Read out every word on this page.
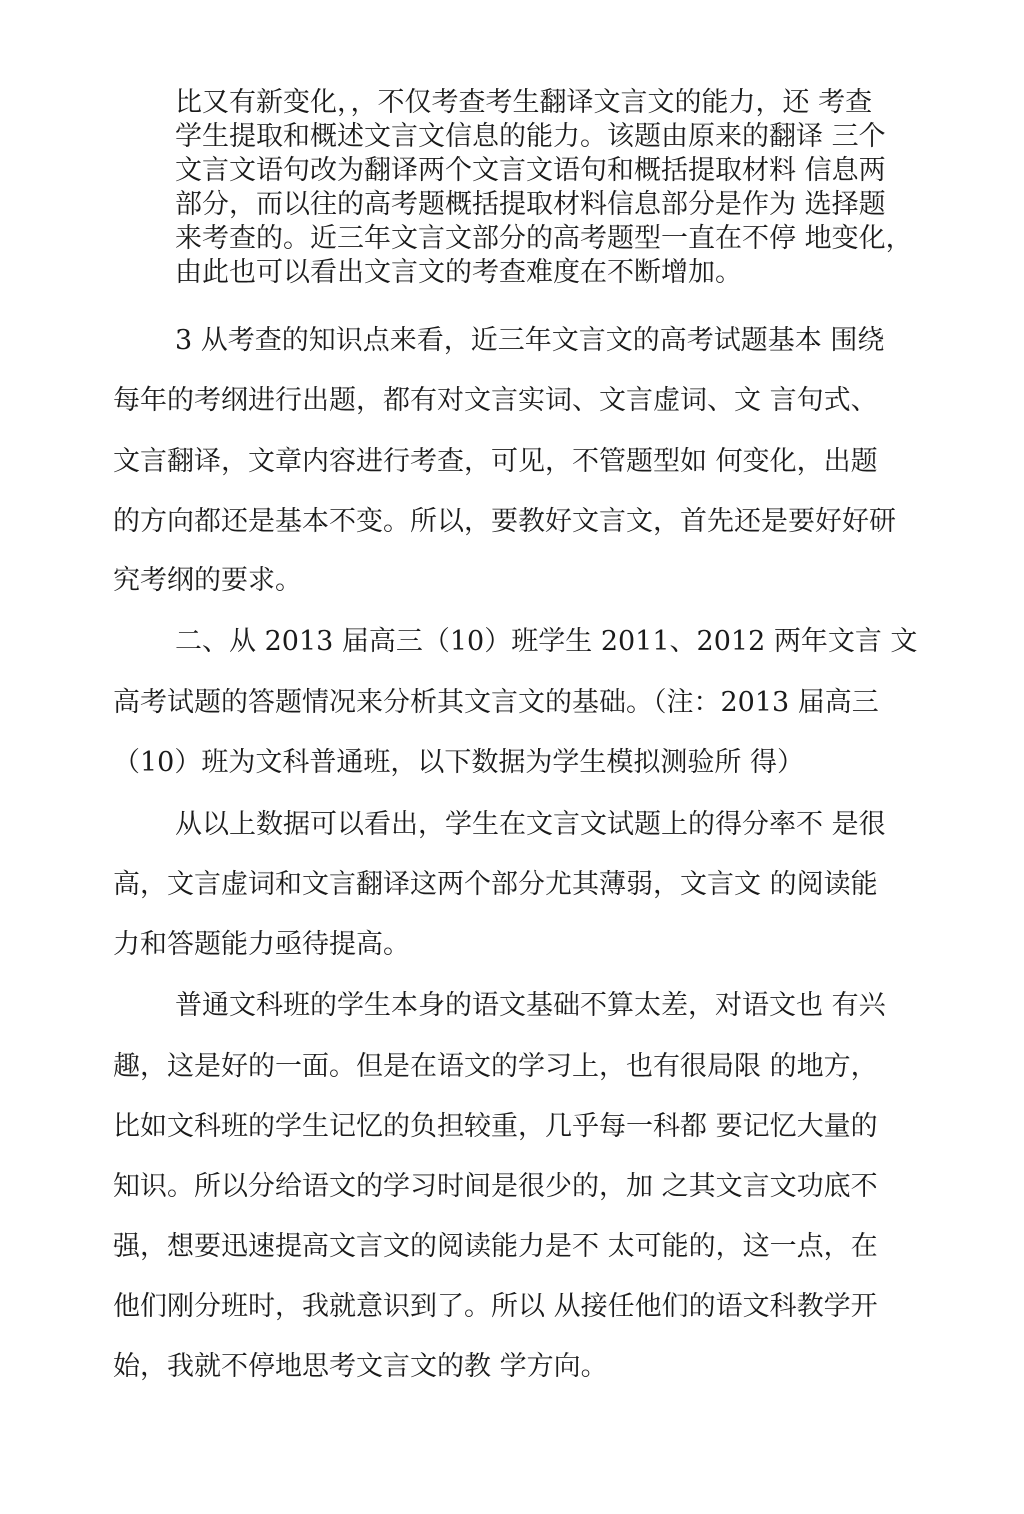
比又有新变化，，不仅考查考生翻译文言文的能力，还 考查
学生提取和概述文言文信息的能力。该题由原来的翻译 三个
文言文语句改为翻译两个文言文语句和概括提取材料 信息两
部分，而以往的高考题概括提取材料信息部分是作为 选择题
来考查的。近三年文言文部分的高考题型一直在不停 地变化，
由此也可以看出文言文的考查难度在不断增加。
3 从考查的知识点来看，近三年文言文的高考试题基本 围绕
每年的考纲进行出题，都有对文言实词、文言虚词、文 言句式、
文言翻译，文章内容进行考查，可见，不管题型如 何变化，出题
的方向都还是基本不变。所以，要教好文言文，首先还是要好好研
究考纲的要求。
二、从 2013 届高三（10）班学生 2011、2012 两年文言 文
高考试题的答题情况来分析其文言文的基础。（注：2013 届高三
（10）班为文科普通班，以下数据为学生模拟测验所 得）
从以上数据可以看出，学生在文言文试题上的得分率不 是很
高，文言虚词和文言翻译这两个部分尤其薄弱，文言文 的阅读能
力和答题能力亟待提高。
普通文科班的学生本身的语文基础不算太差，对语文也 有兴
趣，这是好的一面。但是在语文的学习上，也有很局限 的地方，
比如文科班的学生记忆的负担较重，几乎每一科都 要记忆大量的
知识。所以分给语文的学习时间是很少的，加 之其文言文功底不
强，想要迅速提高文言文的阅读能力是不 太可能的，这一点，在
他们刚分班时，我就意识到了。所以 从接任他们的语文科教学开
始，我就不停地思考文言文的教 学方向。
